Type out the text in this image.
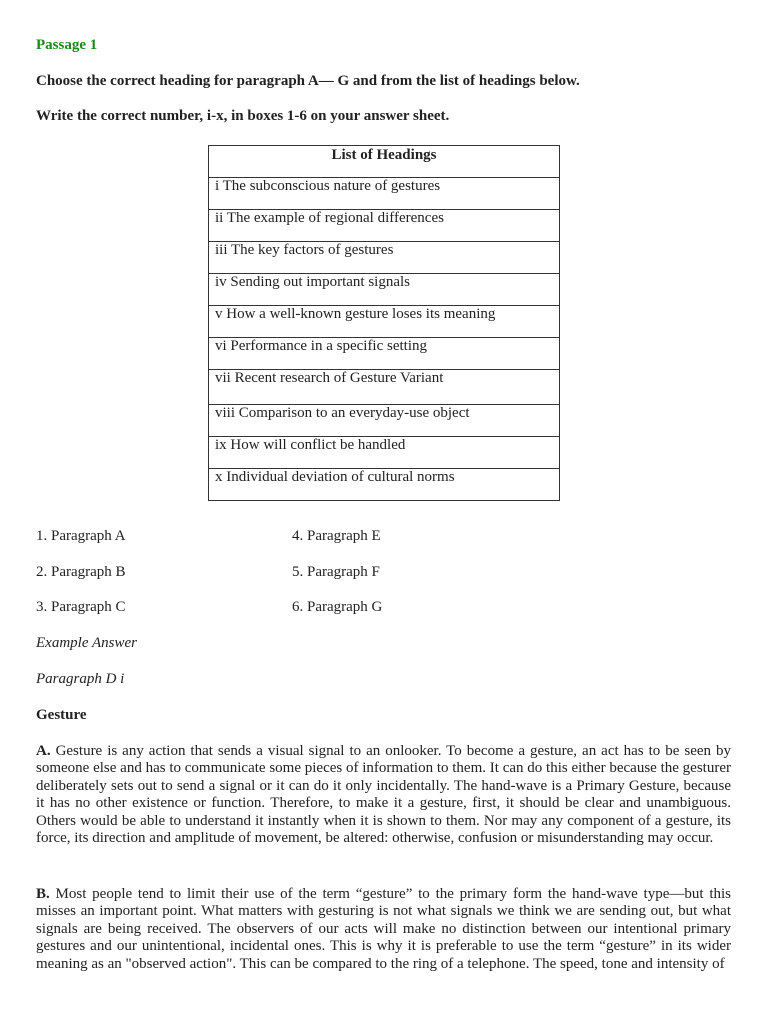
Passage 1
Choose the correct heading for paragraph A— G and from the list of headings below.
Write the correct number, i-x, in boxes 1-6 on your answer sheet.
List of Headings
i The subconscious nature of gestures
ii The example of regional differences
iii The key factors of gestures
iv Sending out important signals
v How a well-known gesture loses its meaning
vi Performance in a specific setting
vii Recent research of Gesture Variant
viii Comparison to an everyday-use object
ix How will conflict be handled
x Individual deviation of cultural norms
1. Paragraph A
2. Paragraph B
3. Paragraph C
4. Paragraph E
5. Paragraph F
6. Paragraph G
Example Answer
Paragraph D i
Gesture

A. Gesture is any action that sends a visual signal to an onlooker. To become a gesture, an act has to be seen by someone else and has to communicate some pieces of information to them. It can do this either because the gesturer deliberately sets out to send a signal or it can do it only incidentally. The hand-wave is a Primary Gesture, because it has no other existence or function. Therefore, to make it a gesture, first, it should be clear and unambiguous. Others would be able to understand it instantly when it is shown to them. Nor may any component of a gesture, its force, its direction and amplitude of movement, be altered: otherwise, confusion or misunderstanding may occur.

B. Most people tend to limit their use of the term “gesture” to the primary form the hand-wave type—but this misses an important point. What matters with gesturing is not what signals we think we are sending out, but what signals are being received. The observers of our acts will make no distinction between our intentional primary gestures and our unintentional, incidental ones. This is why it is preferable to use the term “gesture” in its wider meaning as an "observed action". This can be compared to the ring of a telephone. The speed, tone and intensity of
